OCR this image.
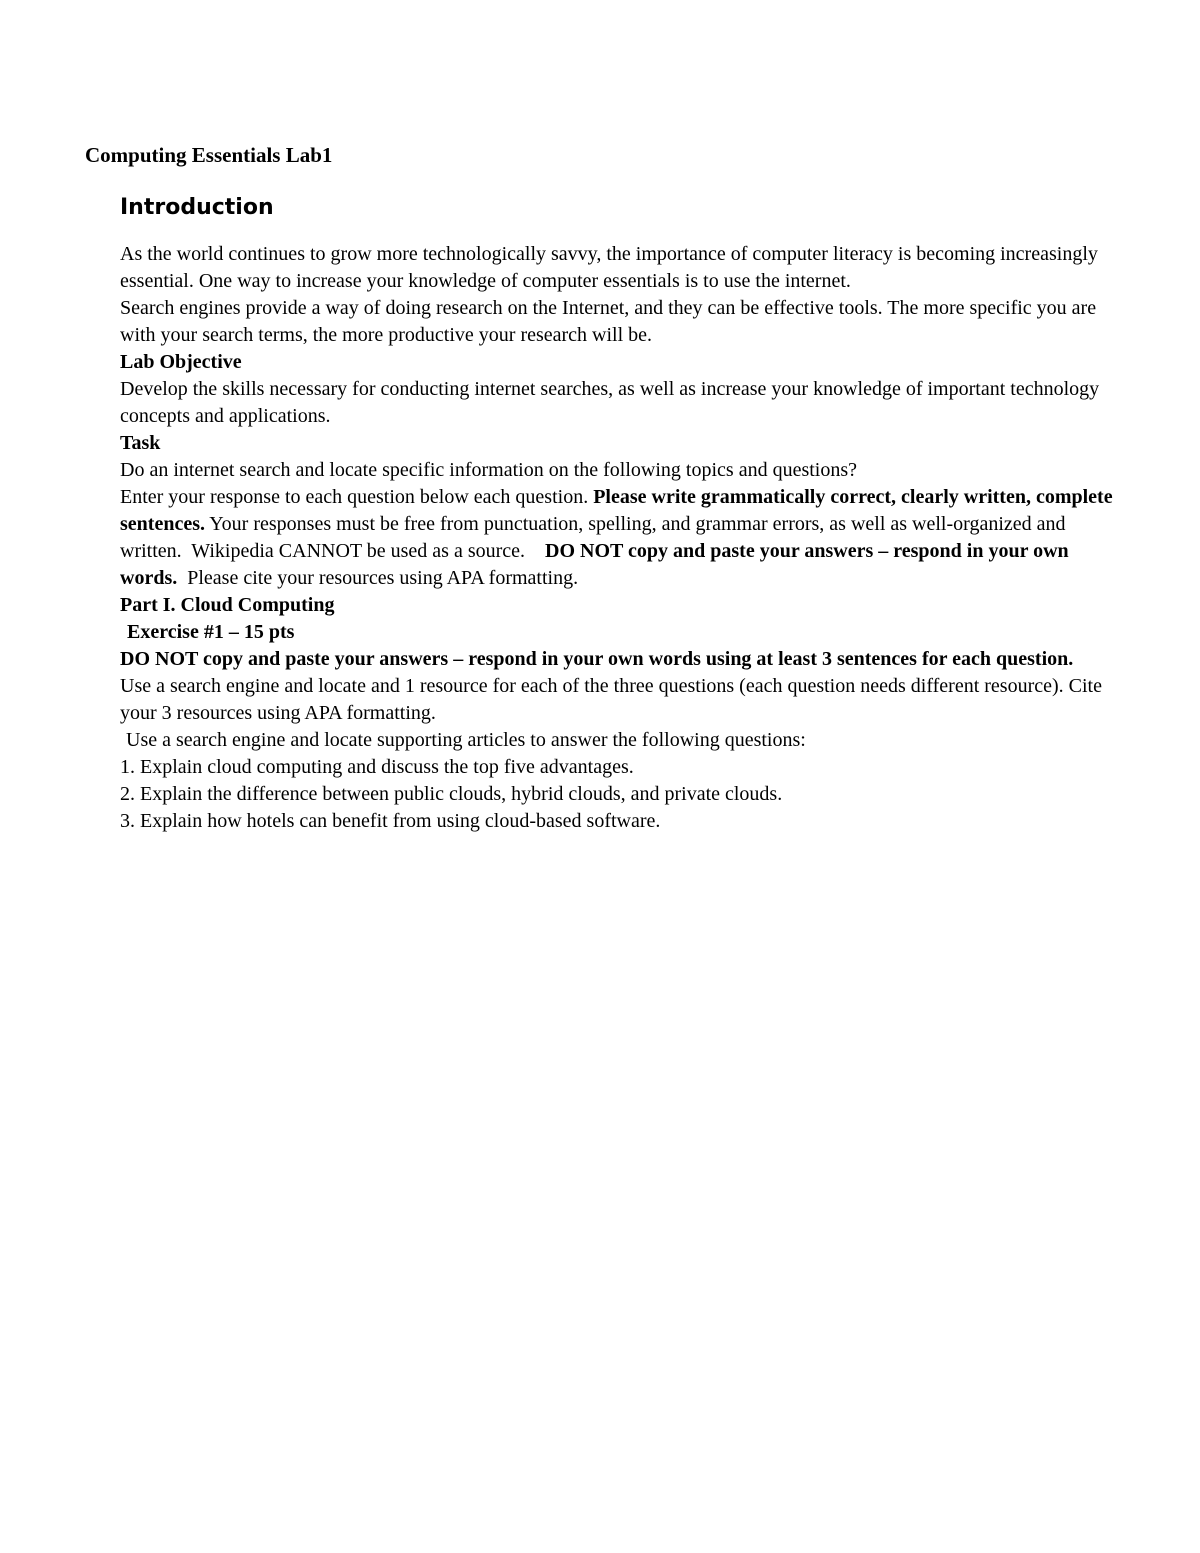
Computing Essentials Lab1
Introduction

As the world continues to grow more technologically savvy, the importance of computer literacy is becoming increasingly essential. One way to increase your knowledge of computer essentials is to use the internet.

Search engines provide a way of doing research on the Internet, and they can be effective tools. The more specific you are with your search terms, the more productive your research will be.

Lab Objective

Develop the skills necessary for conducting internet searches, as well as increase your knowledge of important technology concepts and applications.

Task

Do an internet search and locate specific information on the following topics and questions?

Enter your response to each question below each question. Please write grammatically correct, clearly written, complete sentences. Your responses must be free from punctuation, spelling, and grammar errors, as well as well-organized and written.  Wikipedia CANNOT be used as a source.    DO NOT copy and paste your answers – respond in your own words.  Please cite your resources using APA formatting.

Part I. Cloud Computing

Exercise #1 – 15 pts

DO NOT copy and paste your answers – respond in your own words using at least 3 sentences for each question.

Use a search engine and locate and 1 resource for each of the three questions (each question needs different resource). Cite your 3 resources using APA formatting.

Use a search engine and locate supporting articles to answer the following questions:

1. Explain cloud computing and discuss the top five advantages.

2. Explain the difference between public clouds, hybrid clouds, and private clouds.

3. Explain how hotels can benefit from using cloud-based software.
